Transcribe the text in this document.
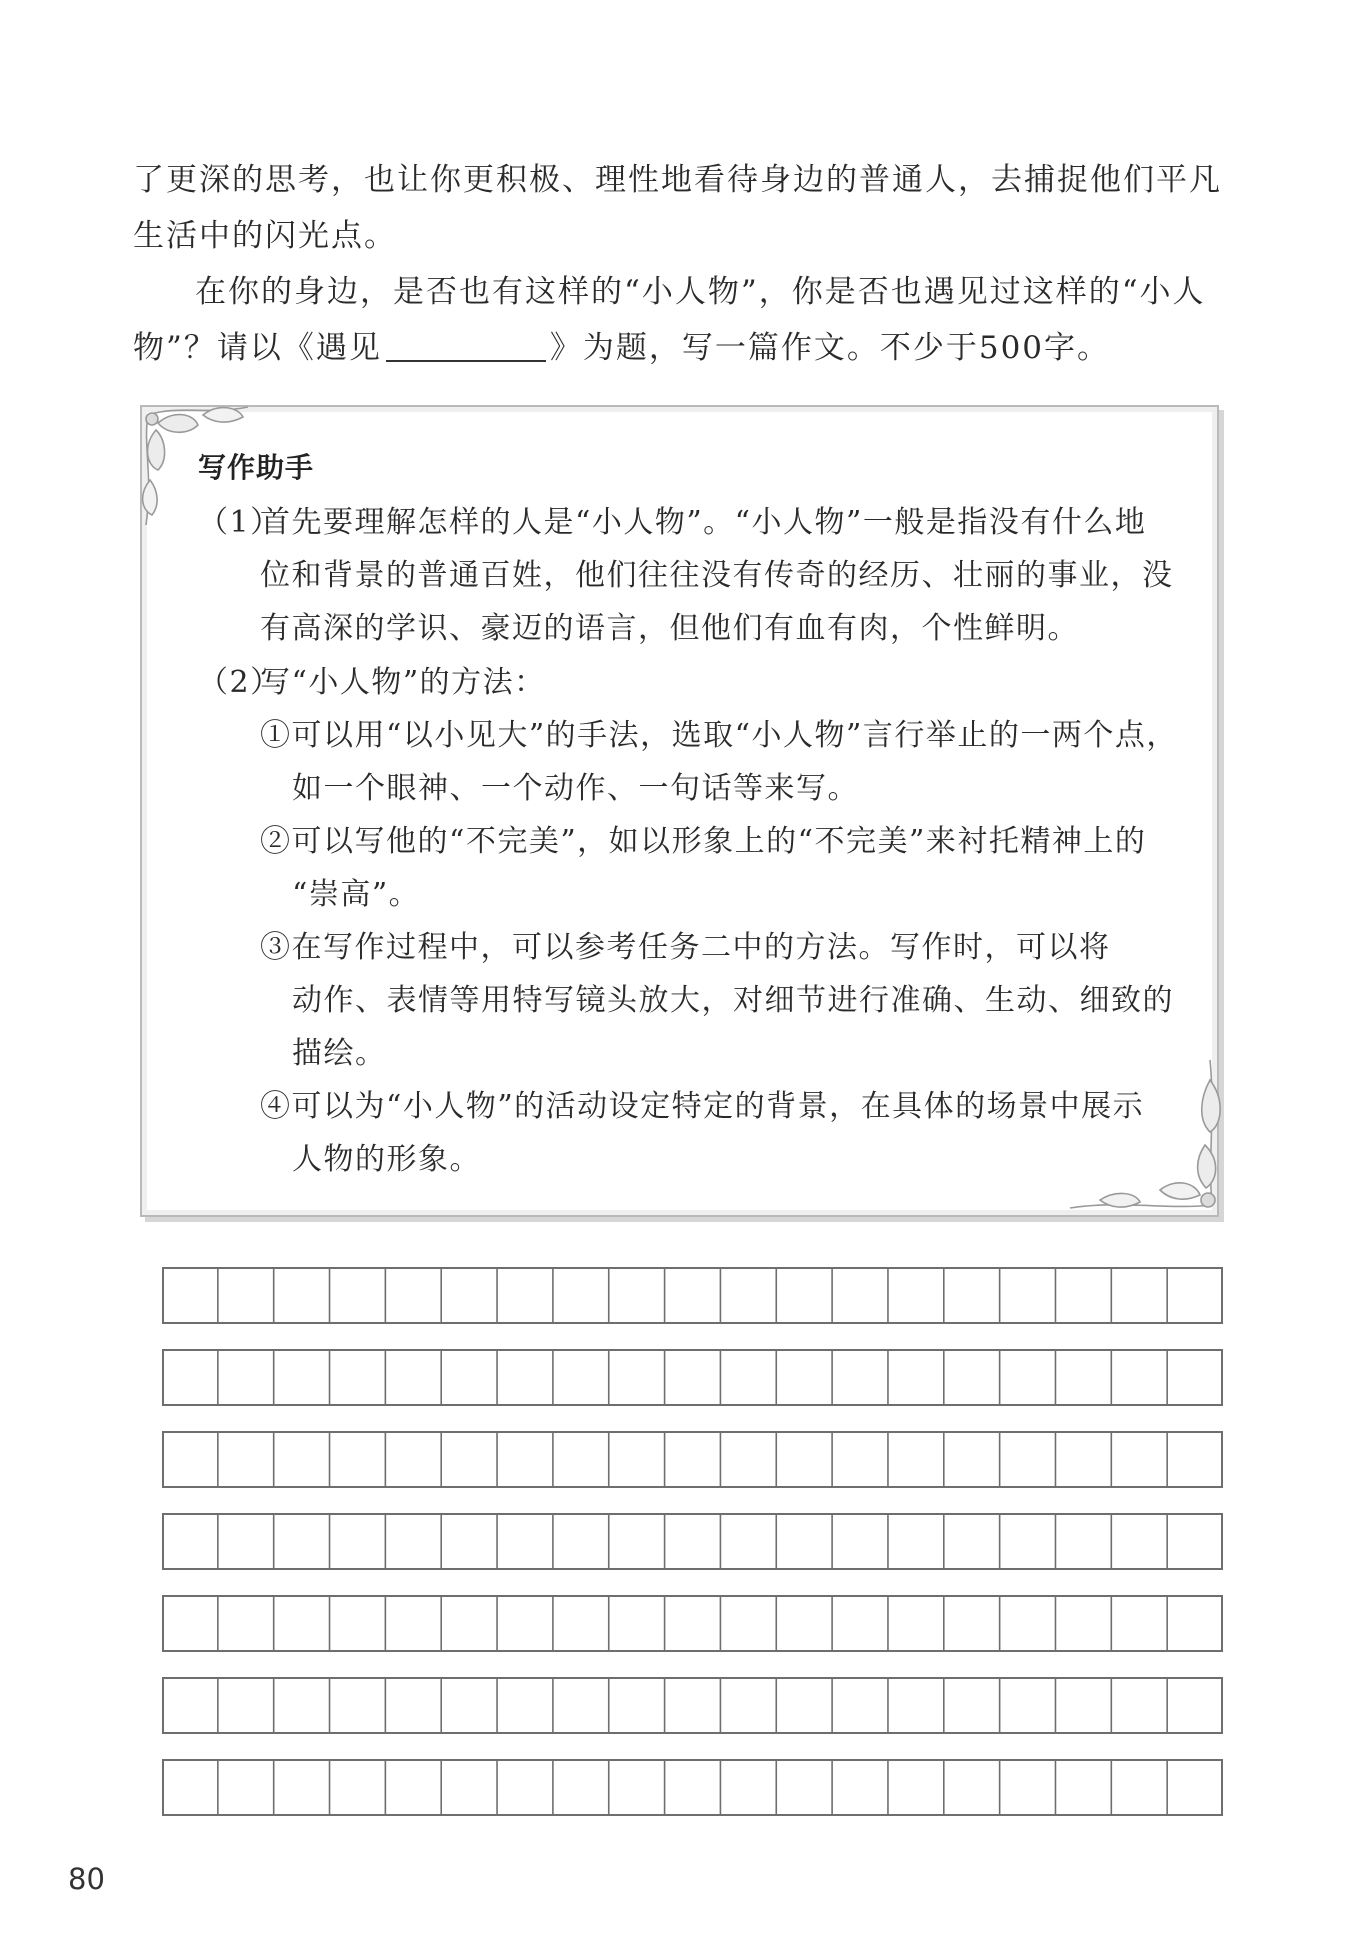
了更深的思考，也让你更积极、理性地看待身边的普通人，去捕捉他们平凡生活中的闪光点。

在你的身边，是否也有这样的“小人物”，你是否也遇见过这样的“小人物”？请以《遇见	》为题，写一篇作文。不少于500字。

写作助手

（1）首先要理解怎样的人是“小人物”。“小人物”一般是指没有什么地

位和背景的普通百姓，他们往往没有传奇的经历、壮丽的事业，没有高深的学识、豪迈的语言，但他们有血有肉，个性鲜明。

（2）写“小人物”的方法：

①可以用“以小见大”的手法，选取“小人物”言行举止的一两个点，
如一个眼神、一个动作、一句话等来写。

②可以写他的“不完美”，如以形象上的“不完美”来衬托精神上的
“崇高”。

③在写作过程中，可以参考任务二中的方法。写作时，可以将
动作、表情等用特写镜头放大，对细节进行准确、生动、细致的描绘。

④可以为“小人物”的活动设定特定的背景，在具体的场景中展示
人物的形象。

80
